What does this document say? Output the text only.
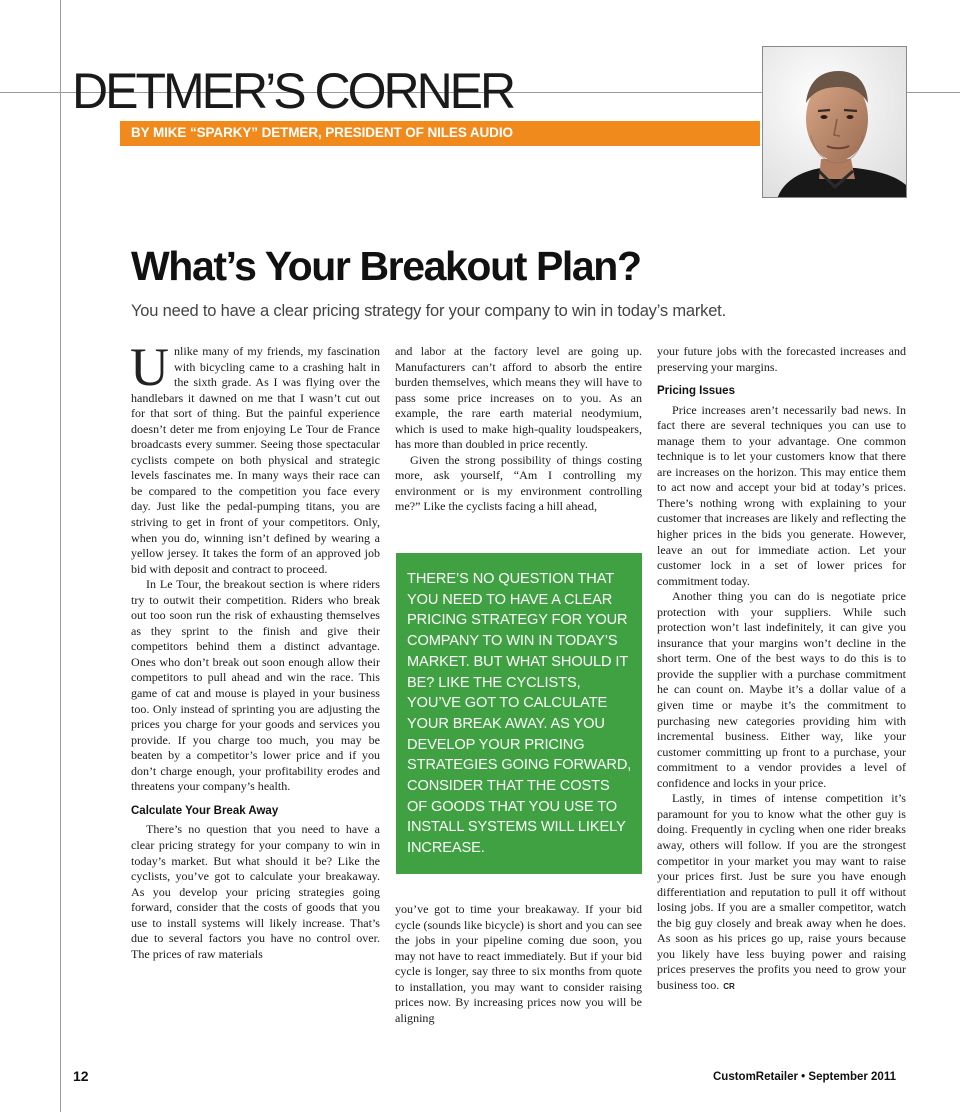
DETMER’S CORNER
BY MIKE “SPARKY” DETMER, PRESIDENT OF NILES AUDIO
What’s Your Breakout Plan?
You need to have a clear pricing strategy for your company to win in today’s market.

Unlike many of my friends, my fascination with bicycling came to a crashing halt in the sixth grade. As I was flying over the handlebars it dawned on me that I wasn’t cut out for that sort of thing. But the painful experience doesn’t deter me from enjoying Le Tour de France broadcasts every summer. Seeing those spectacular cyclists compete on both physical and strategic levels fascinates me. In many ways their race can be compared to the competition you face every day. Just like the pedal-pumping titans, you are striving to get in front of your competitors. Only, when you do, winning isn’t defined by wearing a yellow jersey. It takes the form of an approved job bid with deposit and contract to proceed.

In Le Tour, the breakout section is where riders try to outwit their competition. Riders who break out too soon run the risk of exhausting themselves as they sprint to the finish and give their competitors behind them a distinct advantage. Ones who don’t break out soon enough allow their competitors to pull ahead and win the race. This game of cat and mouse is played in your business too. Only instead of sprinting you are adjusting the prices you charge for your goods and services you provide. If you charge too much, you may be beaten by a competitor’s lower price and if you don’t charge enough, your profitability erodes and threatens your company’s health.

Calculate Your Break Away

There’s no question that you need to have a clear pricing strategy for your company to win in today’s market. But what should it be? Like the cyclists, you’ve got to calculate your breakaway. As you develop your pricing strategies going forward, consider that the costs of goods that you use to install systems will likely increase. That’s due to several factors you have no control over. The prices of raw materials

and labor at the factory level are going up. Manufacturers can’t afford to absorb the entire burden themselves, which means they will have to pass some price increases on to you. As an example, the rare earth material neodymium, which is used to make high-quality loudspeakers, has more than doubled in price recently.

Given the strong possibility of things costing more, ask yourself, “Am I controlling my environment or is my environment controlling me?” Like the cyclists facing a hill ahead,

THERE’S NO QUESTION THAT YOU NEED TO HAVE A CLEAR PRICING STRATEGY FOR YOUR COMPANY TO WIN IN TODAY’S MARKET. BUT WHAT SHOULD IT BE? LIKE THE CYCLISTS, YOU’VE GOT TO CALCULATE YOUR BREAK AWAY. AS YOU DEVELOP YOUR PRICING STRATEGIES GOING FORWARD, CONSIDER THAT THE COSTS OF GOODS THAT YOU USE TO INSTALL SYSTEMS WILL LIKELY INCREASE.

you’ve got to time your breakaway. If your bid cycle (sounds like bicycle) is short and you can see the jobs in your pipeline coming due soon, you may not have to react immediately. But if your bid cycle is longer, say three to six months from quote to installation, you may want to consider raising prices now. By increasing prices now you will be aligning

your future jobs with the forecasted increases and preserving your margins.

Pricing Issues

Price increases aren’t necessarily bad news. In fact there are several techniques you can use to manage them to your advantage. One common technique is to let your customers know that there are increases on the horizon. This may entice them to act now and accept your bid at today’s prices. There’s nothing wrong with explaining to your customer that increases are likely and reflecting the higher prices in the bids you generate. However, leave an out for immediate action. Let your customer lock in a set of lower prices for commitment today.

Another thing you can do is negotiate price protection with your suppliers. While such protection won’t last indefinitely, it can give you insurance that your margins won’t decline in the short term. One of the best ways to do this is to provide the supplier with a purchase commitment he can count on. Maybe it’s a dollar value of a given time or maybe it’s the commitment to purchasing new categories providing him with incremental business. Either way, like your customer committing up front to a purchase, your commitment to a vendor provides a level of confidence and locks in your price.

Lastly, in times of intense competition it’s paramount for you to know what the other guy is doing. Frequently in cycling when one rider breaks away, others will follow. If you are the strongest competitor in your market you may want to raise your prices first. Just be sure you have enough differentiation and reputation to pull it off without losing jobs. If you are a smaller competitor, watch the big guy closely and break away when he does. As soon as his prices go up, raise yours because you likely have less buying power and raising prices preserves the profits you need to grow your business too. CR

12	CustomRetailer • September 2011
